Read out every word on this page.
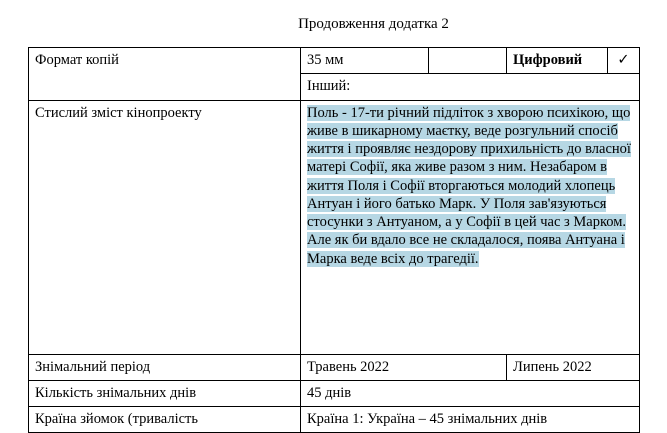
Продовження додатка 2
Формат копій	35 мм		Цифровий	✓
	Інший:			
Стислий зміст кінопроекту	Поль - 17-ти річний підліток з хворою психікою, що живе в шикарному маєтку, веде розгульний спосіб життя і проявляє нездорову прихильність до власної матері Софії, яка живе разом з ним. Незабаром в життя Поля і Софії вторгаються молодий хлопець Антуан і його батько Марк. У Поля зав'язуються стосунки з Антуаном, а у Софії в цей час з Марком. Але як би вдало все не складалося, поява Антуана і Марка веде всіх до трагедії.			

Знімальний період	Травень 2022		Липень 2022	
Кількість знімальних днів	45 днів			
Країна зйомок (тривалість	Країна 1: Україна – 45 знімальних днів			
